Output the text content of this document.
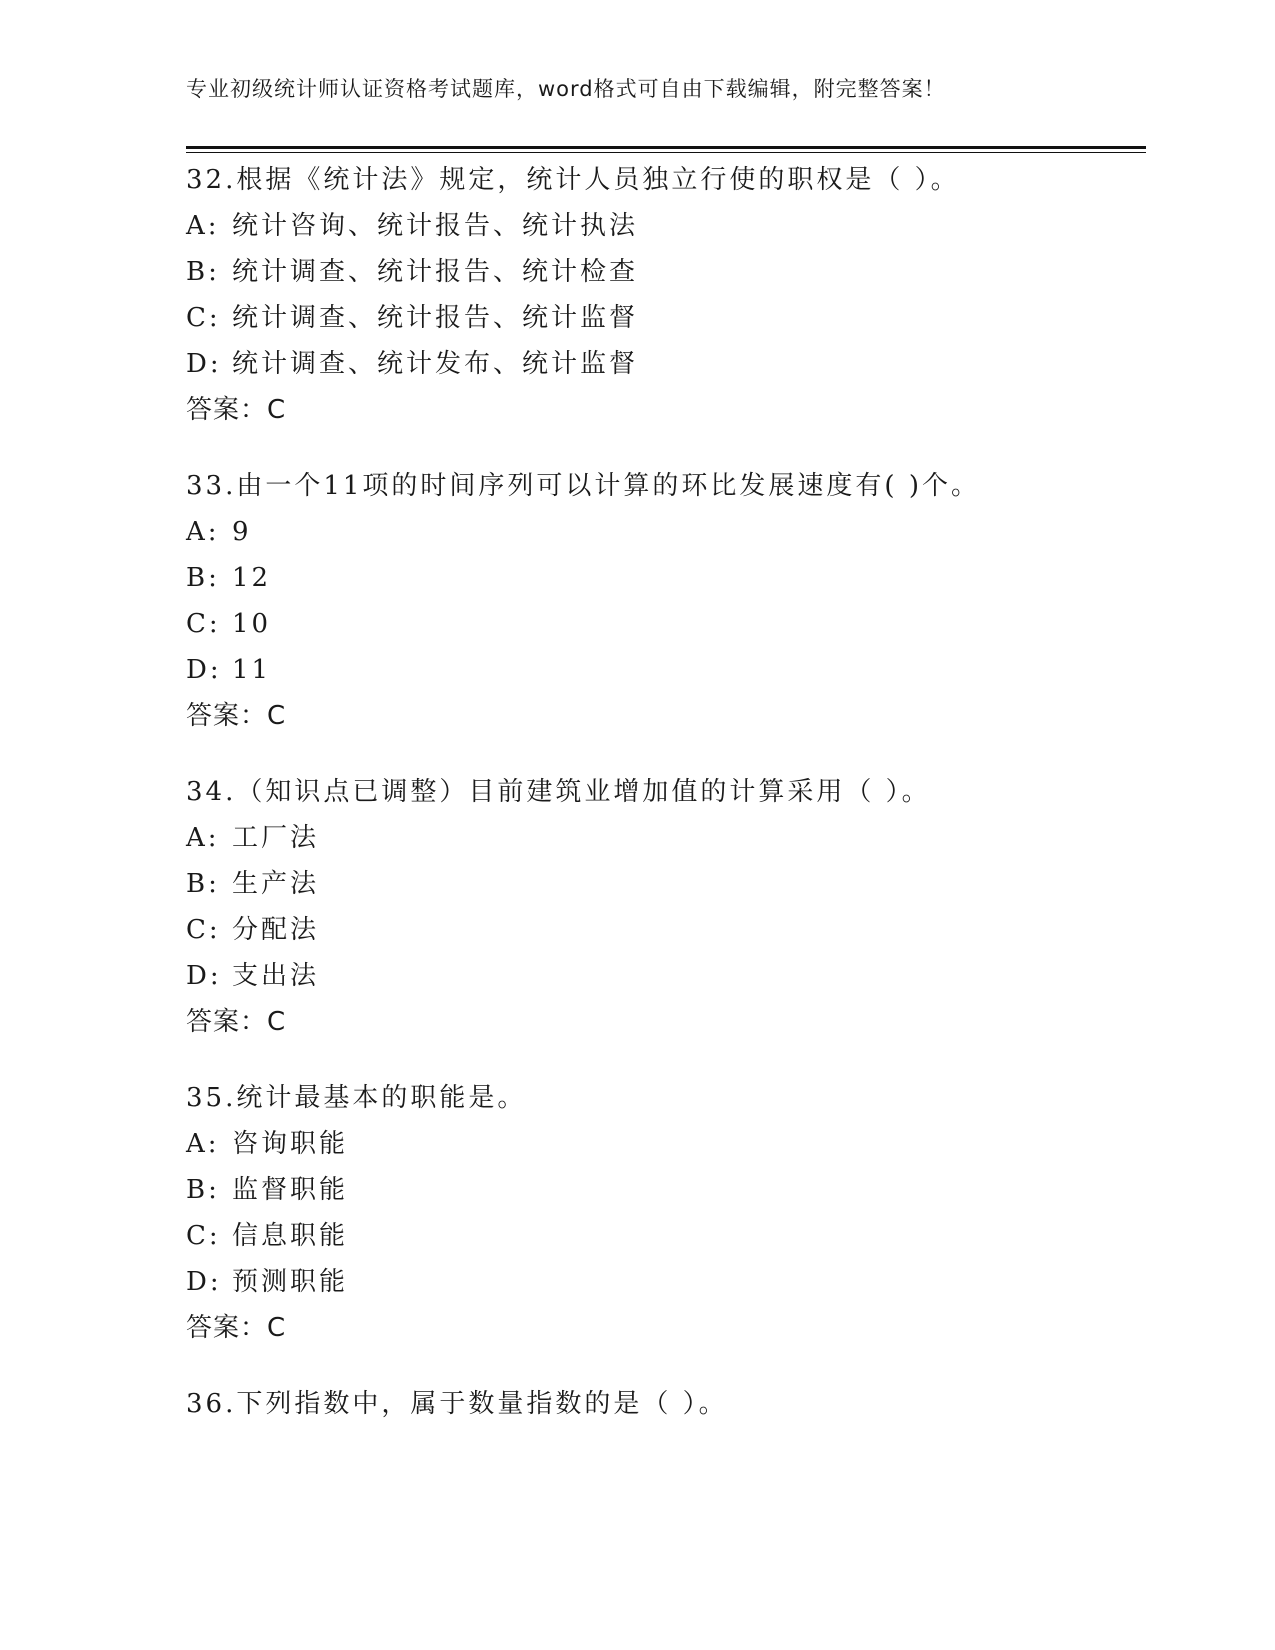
专业初级统计师认证资格考试题库，word格式可自由下载编辑，附完整答案！
32.根据《统计法》规定，统计人员独立行使的职权是（ ）。
A: 统计咨询、统计报告、统计执法
B: 统计调查、统计报告、统计检查
C: 统计调查、统计报告、统计监督
D: 统计调查、统计发布、统计监督
答案：C
33.由一个11项的时间序列可以计算的环比发展速度有( )个。
A: 9
B: 12
C: 10
D: 11
答案：C
34.（知识点已调整）目前建筑业增加值的计算采用（ ）。
A: 工厂法
B: 生产法
C: 分配法
D: 支出法
答案：C
35.统计最基本的职能是。
A: 咨询职能
B: 监督职能
C: 信息职能
D: 预测职能
答案：C
36.下列指数中，属于数量指数的是（ ）。
